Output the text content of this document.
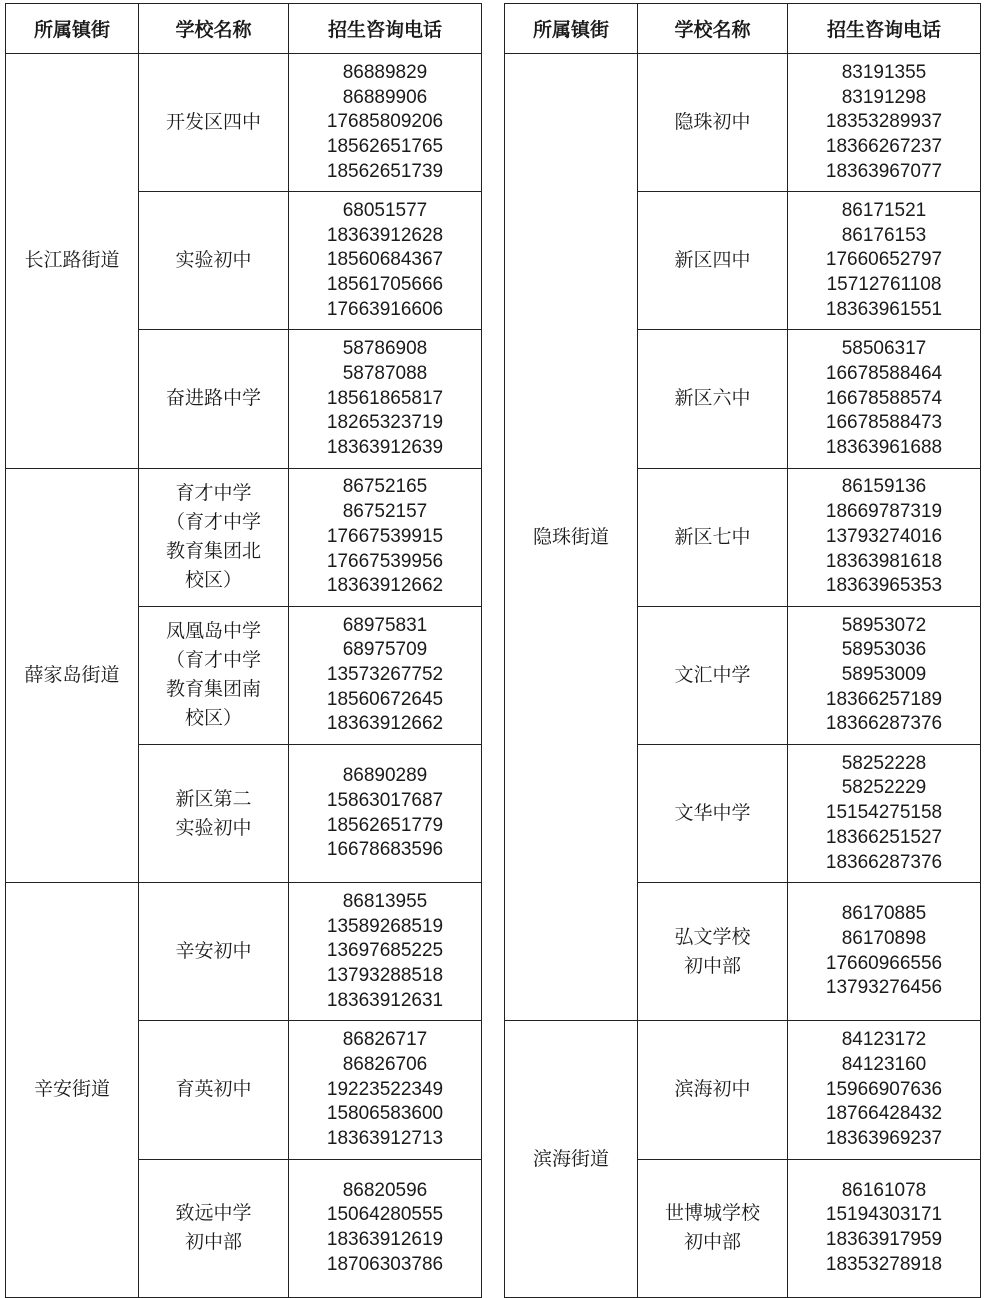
所属镇街	学校名称	招生咨询电话
长江路街道	开发区四中	86889829
86889906
17685809206
18562651765
18562651739

	实验初中	68051577
18363912628
18560684367
18561705666
17663916606

	奋进路中学	58786908
58787088
18561865817
18265323719
18363912639

薛家岛街道	育才中学
（育才中学
教育集团北
校区）	86752165
86752157
17667539915
17667539956
18363912662

	凤凰岛中学
（育才中学
教育集团南
校区）	68975831
68975709
13573267752
18560672645
18363912662

	新区第二
实验初中	86890289
15863017687
18562651779
16678683596

辛安街道	辛安初中	86813955
13589268519
13697685225
13793288518
18363912631

	育英初中	86826717
86826706
19223522349
15806583600
18363912713

	致远中学
初中部	86820596
15064280555
18363912619
18706303786
所属镇街	学校名称	招生咨询电话
隐珠街道	隐珠初中	83191355
83191298
18353289937
18366267237
18363967077

	新区四中	86171521
86176153
17660652797
15712761108
18363961551

	新区六中	58506317
16678588464
16678588574
16678588473
18363961688

	新区七中	86159136
18669787319
13793274016
18363981618
18363965353

	文汇中学	58953072
58953036
58953009
18366257189
18366287376

	文华中学	58252228
58252229
15154275158
18366251527
18366287376

	弘文学校
初中部	86170885
86170898
17660966556
13793276456

滨海街道	滨海初中	84123172
84123160
15966907636
18766428432
18363969237

	世博城学校
初中部	86161078
15194303171
18363917959
18353278918
